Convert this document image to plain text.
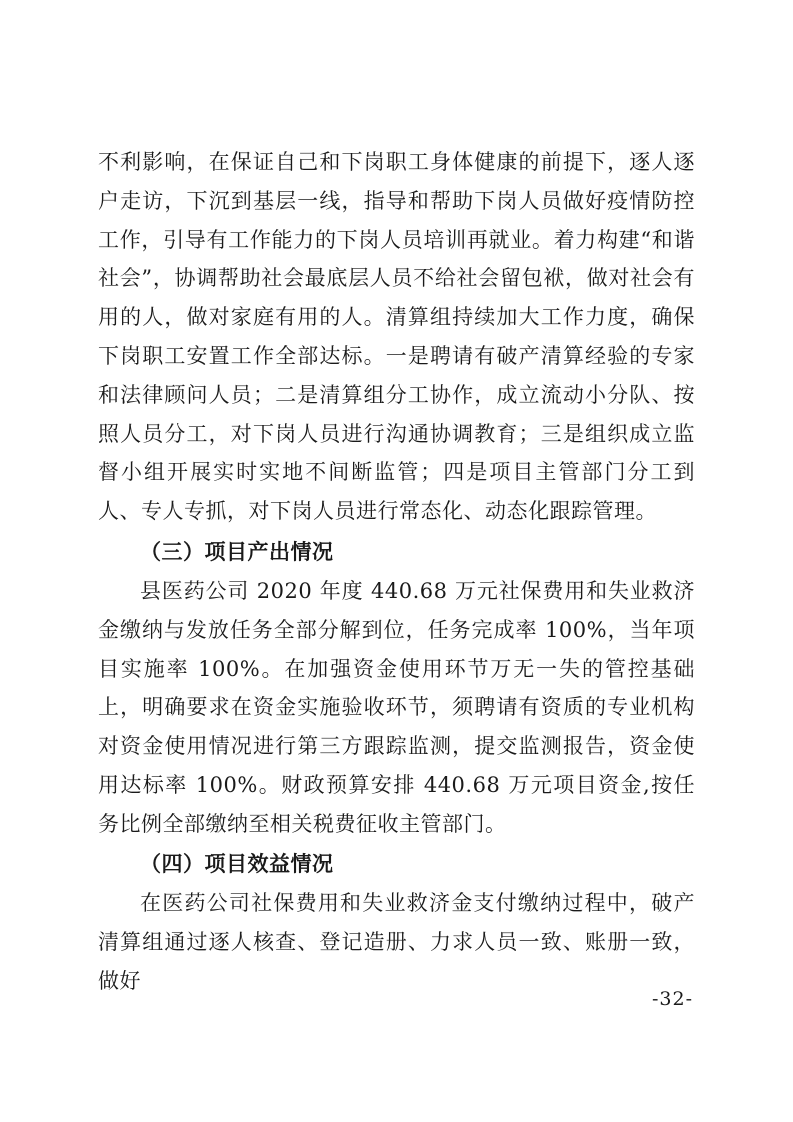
不利影响，在保证自己和下岗职工身体健康的前提下，逐人逐户走访，下沉到基层一线，指导和帮助下岗人员做好疫情防控工作，引导有工作能力的下岗人员培训再就业。着力构建“和谐社会”，协调帮助社会最底层人员不给社会留包袱，做对社会有用的人，做对家庭有用的人。清算组持续加大工作力度，确保下岗职工安置工作全部达标。一是聘请有破产清算经验的专家和法律顾问人员；二是清算组分工协作，成立流动小分队、按照人员分工，对下岗人员进行沟通协调教育；三是组织成立监督小组开展实时实地不间断监管；四是项目主管部门分工到人、专人专抓，对下岗人员进行常态化、动态化跟踪管理。
（三）项目产出情况
县医药公司 2020 年度 440.68 万元社保费用和失业救济金缴纳与发放任务全部分解到位，任务完成率 100%，当年项目实施率 100%。在加强资金使用环节万无一失的管控基础上，明确要求在资金实施验收环节，须聘请有资质的专业机构对资金使用情况进行第三方跟踪监测，提交监测报告，资金使用达标率 100%。财政预算安排 440.68 万元项目资金,按任务比例全部缴纳至相关税费征收主管部门。
（四）项目效益情况
在医药公司社保费用和失业救济金支付缴纳过程中，破产清算组通过逐人核查、登记造册、力求人员一致、账册一致，做好
-32-
